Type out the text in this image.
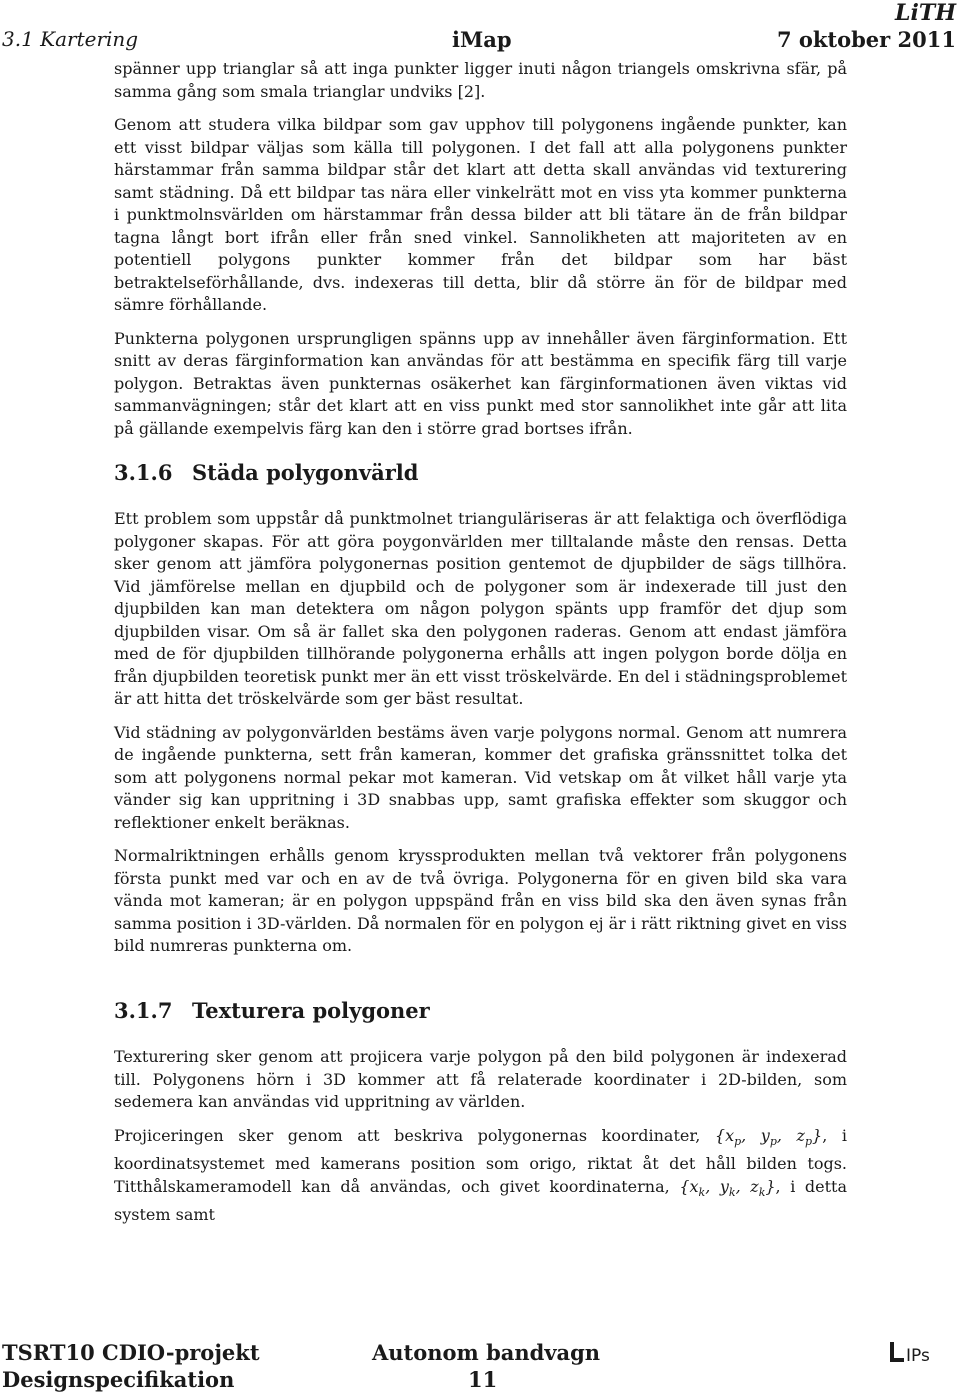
LiTH
3.1 Kartering	iMap	7 oktober 2011

spänner upp trianglar så att inga punkter ligger inuti någon triangels omskrivna sfär, på samma gång som smala trianglar undviks [2].

Genom att studera vilka bildpar som gav upphov till polygonens ingående punkter, kan ett visst bildpar väljas som källa till polygonen. I det fall att alla polygonens punkter härstammar från samma bildpar står det klart att detta skall användas vid texturering samt städning. Då ett bildpar tas nära eller vinkelrätt mot en viss yta kommer punkterna i punktmolnsvärlden om härstammar från dessa bilder att bli tätare än de från bildpar tagna långt bort ifrån eller från sned vinkel. Sannolikheten att majoriteten av en potentiell polygons punkter kommer från det bildpar som har bäst betraktelseförhållande, dvs. indexeras till detta, blir då större än för de bildpar med sämre förhållande.

Punkterna polygonen ursprungligen spänns upp av innehåller även färginformation. Ett snitt av deras färginformation kan användas för att bestämma en specifik färg till varje polygon. Betraktas även punkternas osäkerhet kan färginformationen även viktas vid sammanvägningen; står det klart att en viss punkt med stor sannolikhet inte går att lita på gällande exempelvis färg kan den i större grad bortses ifrån.

3.1.6 Städa polygonvärld

Ett problem som uppstår då punktmolnet trianguläriseras är att felaktiga och överflödiga polygoner skapas. För att göra poygonvärlden mer tilltalande måste den rensas. Detta sker genom att jämföra polygonernas position gentemot de djupbilder de sägs tillhöra. Vid jämförelse mellan en djupbild och de polygoner som är indexerade till just den djupbilden kan man detektera om någon polygon spänts upp framför det djup som djupbilden visar. Om så är fallet ska den polygonen raderas. Genom att endast jämföra med de för djupbilden tillhörande polygonerna erhålls att ingen polygon borde dölja en från djupbilden teoretisk punkt mer än ett visst tröskelvärde. En del i städningsproblemet är att hitta det tröskelvärde som ger bäst resultat.

Vid städning av polygonvärlden bestäms även varje polygons normal. Genom att numrera de ingående punkterna, sett från kameran, kommer det grafiska gränssnittet tolka det som att polygonens normal pekar mot kameran. Vid vetskap om åt vilket håll varje yta vänder sig kan uppritning i 3D snabbas upp, samt grafiska effekter som skuggor och reflektioner enkelt beräknas.

Normalriktningen erhålls genom kryssprodukten mellan två vektorer från polygonens första punkt med var och en av de två övriga. Polygonerna för en given bild ska vara vända mot kameran; är en polygon uppspänd från en viss bild ska den även synas från samma position i 3D-världen. Då normalen för en polygon ej är i rätt riktning givet en viss bild numreras punkterna om.

3.1.7 Texturera polygoner

Texturering sker genom att projicera varje polygon på den bild polygonen är indexerad till. Polygonens hörn i 3D kommer att få relaterade koordinater i 2D-bilden, som sedemera kan användas vid uppritning av världen.

Projiceringen sker genom att beskriva polygonernas koordinater, {$x_p$, $y_p$, $z_p$}, i koordinatsystemet med kamerans position som origo, riktat åt det håll bilden togs. Titthålskameramodell kan då användas, och givet koordinaterna, {$x_k$, $y_k$, $z_k$}, i detta system samt

TSRT10 CDIO-projekt	Autonom bandvagn	IPs
Designspecifikation	11
